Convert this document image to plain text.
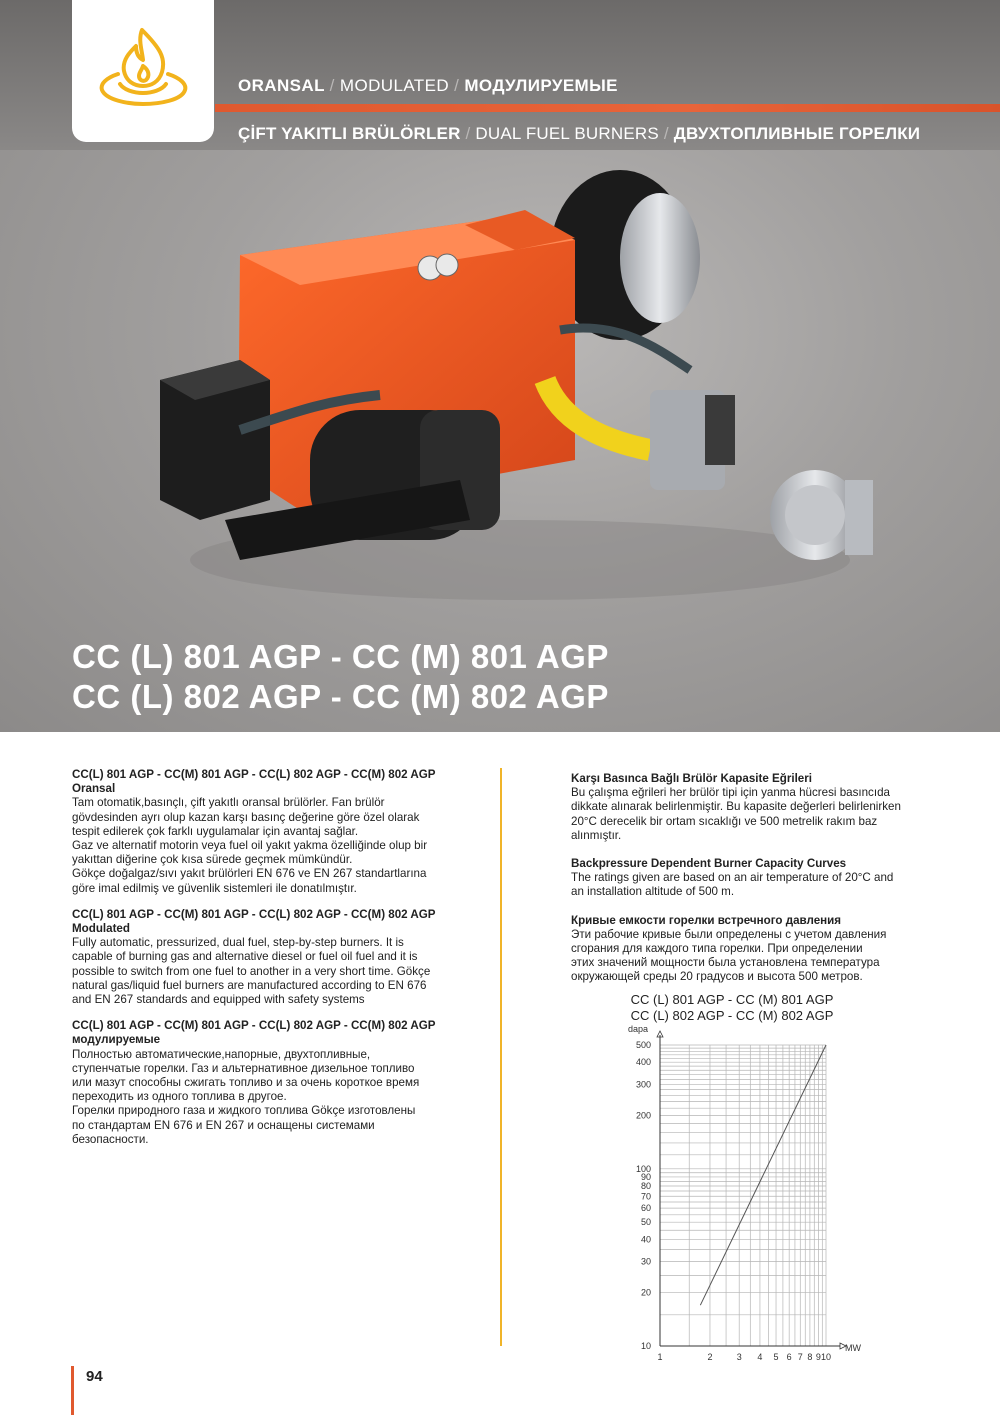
ORANSAL / MODULATED / МОДУЛИРУЕМЫЕ
ÇİFT YAKITLI BRÜLÖRLER / DUAL FUEL BURNERS / ДВУХТОПЛИВНЫЕ ГОРЕЛКИ
CC (L) 801 AGP - CC (M) 801 AGP
CC (L) 802 AGP - CC (M) 802 AGP

CC(L) 801 AGP - CC(M) 801 AGP - CC(L) 802 AGP - CC(M) 802 AGP

Oransal

Tam otomatik,basınçlı, çift yakıtlı oransal brülörler. Fan brülör

gövdesinden ayrı olup kazan karşı basınç değerine göre özel olarak

tespit edilerek çok farklı uygulamalar için avantaj sağlar.

Gaz ve alternatif motorin veya fuel oil yakıt yakma özelliğinde olup bir

yakıttan diğerine çok kısa sürede geçmek mümkündür.

Gökçe doğalgaz/sıvı yakıt brülörleri EN 676 ve EN 267 standartlarına

göre imal edilmiş ve güvenlik sistemleri ile donatılmıştır.

CC(L) 801 AGP - CC(M) 801 AGP - CC(L) 802 AGP - CC(M) 802 AGP

Modulated

Fully automatic, pressurized, dual fuel, step-by-step burners. It is

capable of burning gas and alternative diesel or fuel oil fuel and it is

possible to switch from one fuel to another in a very short time. Gökçe

natural gas/liquid fuel burners are manufactured according to EN 676

and EN 267 standards and equipped with safety systems

CC(L) 801 AGP - CC(M) 801 AGP - CC(L) 802 AGP - CC(M) 802 AGP

модулируемые

Полностью автоматические,напорные, двухтопливные,

ступенчатые горелки. Газ и альтернативное дизельное топливо

или мазут способны сжигать топливо и за очень короткое время

переходить из одного топлива в другое.

Горелки природного газа и жидкого топлива Gökçe изготовлены

по стандартам EN 676 и EN 267 и оснащены системами

безопасности.

Karşı Basınca Bağlı Brülör Kapasite Eğrileri

Bu çalışma eğrileri her brülör tipi için yanma hücresi basıncıda

dikkate alınarak belirlenmiştir. Bu kapasite değerleri belirlenirken

20°C derecelik bir ortam sıcaklığı ve 500 metrelik rakım baz

alınmıştır.

Backpressure Dependent Burner Capacity Curves

The ratings given are based on an air temperature of 20°C and

an installation altitude of 500 m.

Кривые емкости горелки встречного давления

Эти рабочие кривые были определены с учетом давления

сгорания для каждого типа горелки. При определении

этих значений мощности была установлена температура

окружающей среды 20 градусов и высота 500 метров.

CC (L) 801 AGP - CC (M) 801 AGP
CC (L) 802 AGP - CC (M) 802 AGP
10
20
30
40
50
60
70
80
90
100
200
300
400
500
1	2	3 4 5 6 7 8 9 10
dapa
MW
94
